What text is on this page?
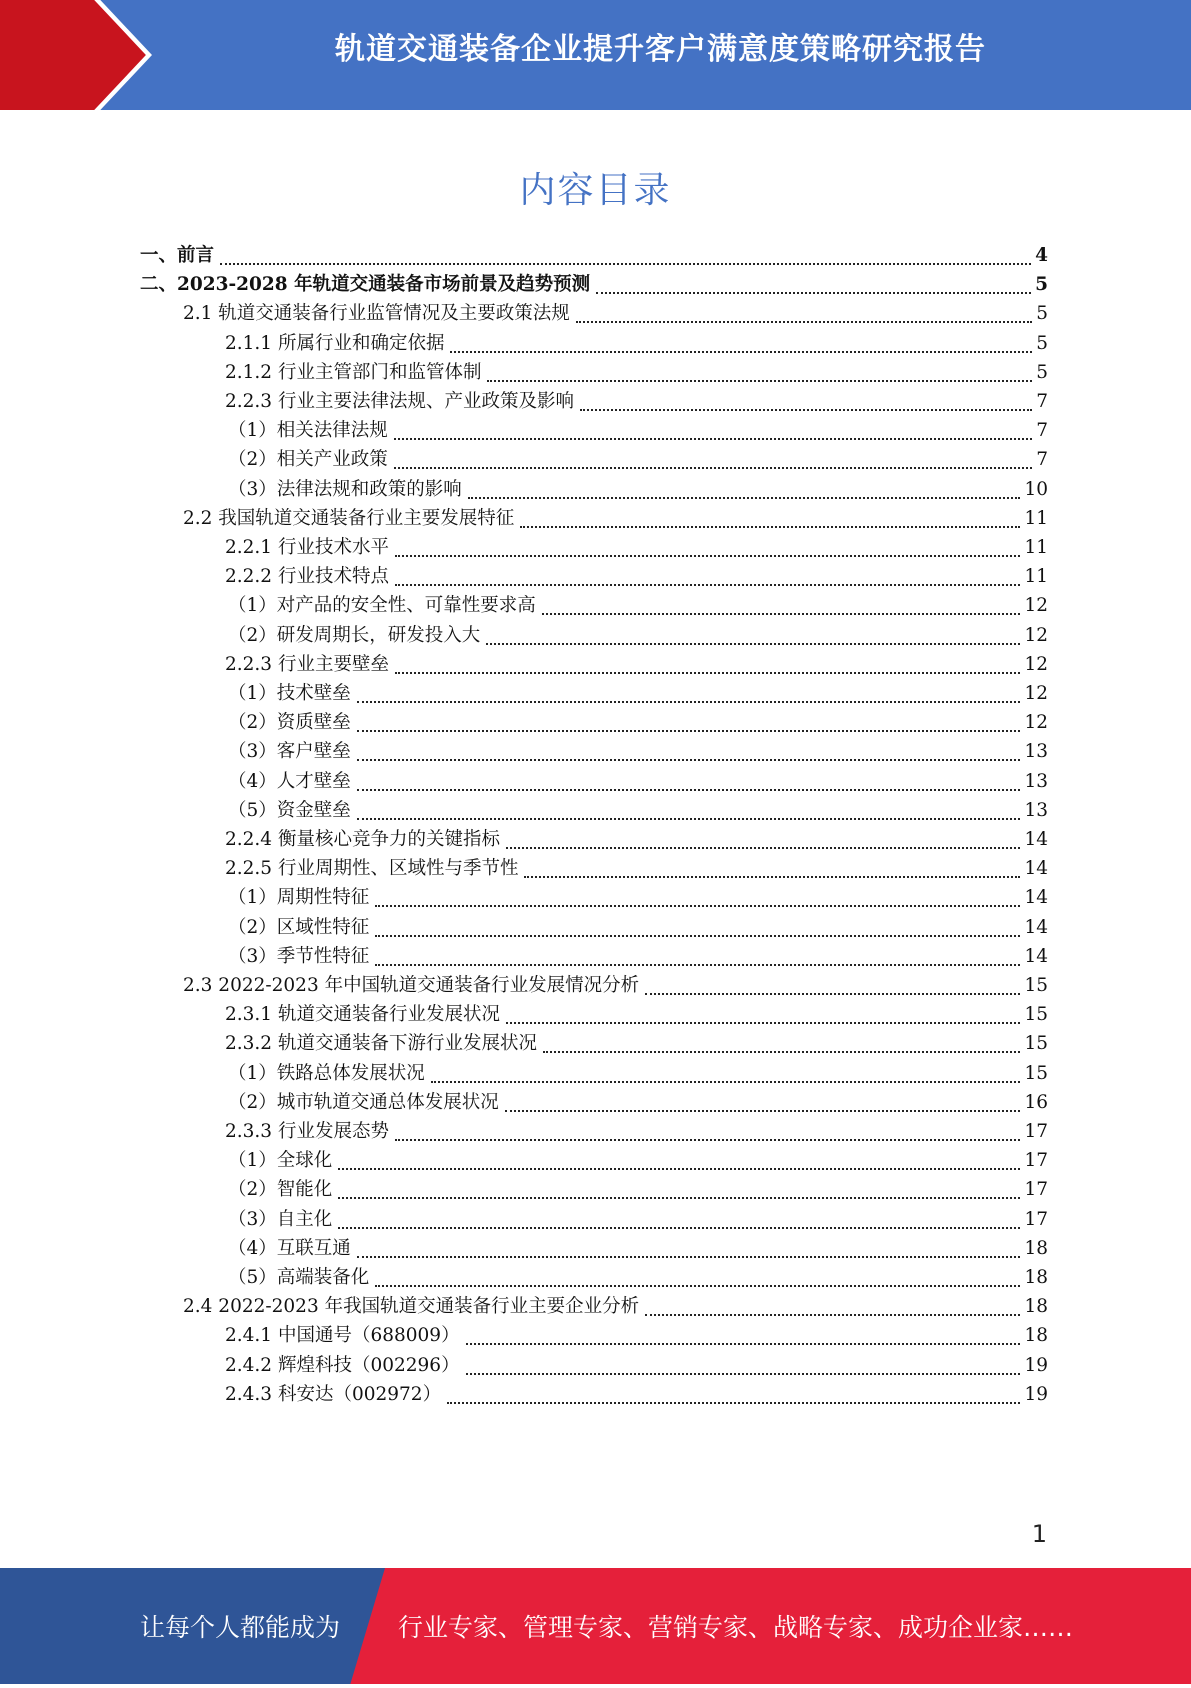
轨道交通装备企业提升客户满意度策略研究报告
内容目录
一、前言	4
二、2023-2028 年轨道交通装备市场前景及趋势预测	5
2.1 轨道交通装备行业监管情况及主要政策法规	5
2.1.1 所属行业和确定依据	5
2.1.2 行业主管部门和监管体制	5
2.2.3 行业主要法律法规、产业政策及影响	7
（1）相关法律法规	7
（2）相关产业政策	7
（3）法律法规和政策的影响	10
2.2 我国轨道交通装备行业主要发展特征	11
2.2.1 行业技术水平	11
2.2.2 行业技术特点	11
（1）对产品的安全性、可靠性要求高	12
（2）研发周期长，研发投入大	12
2.2.3 行业主要壁垒	12
（1）技术壁垒	12
（2）资质壁垒	12
（3）客户壁垒	13
（4）人才壁垒	13
（5）资金壁垒	13
2.2.4 衡量核心竞争力的关键指标	14
2.2.5 行业周期性、区域性与季节性	14
（1）周期性特征	14
（2）区域性特征	14
（3）季节性特征	14
2.3 2022-2023 年中国轨道交通装备行业发展情况分析	15
2.3.1 轨道交通装备行业发展状况	15
2.3.2 轨道交通装备下游行业发展状况	15
（1）铁路总体发展状况	15
（2）城市轨道交通总体发展状况	16
2.3.3 行业发展态势	17
（1）全球化	17
（2）智能化	17
（3）自主化	17
（4）互联互通	18
（5）高端装备化	18
2.4 2022-2023 年我国轨道交通装备行业主要企业分析	18
2.4.1 中国通号（688009）	18
2.4.2 辉煌科技（002296）	19
2.4.3 科安达（002972）	19
1
让每个人都能成为 行业专家、管理专家、营销专家、战略专家、成功企业家……
